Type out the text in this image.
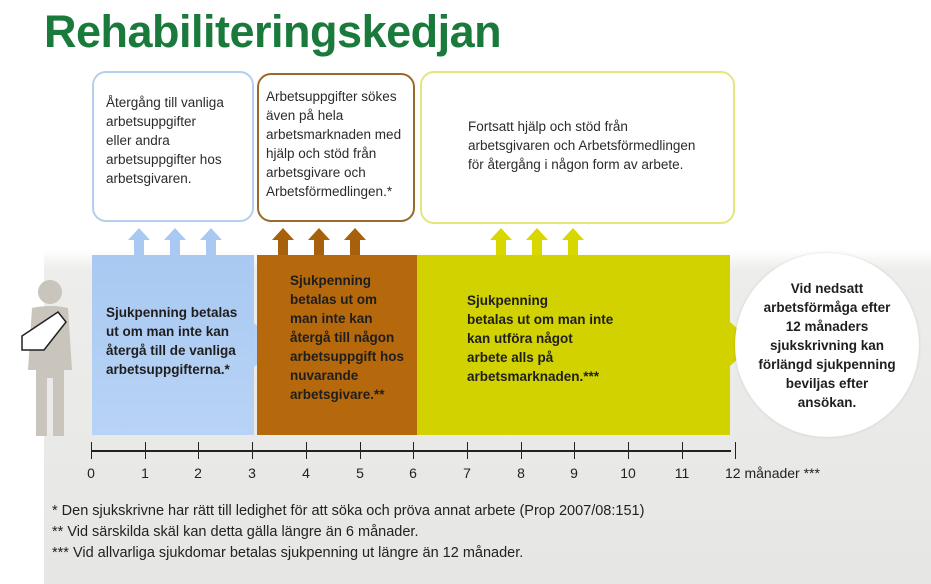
Rehabiliteringskedjan
Återgång till vanliga
arbetsuppgifter
eller andra
arbetsuppgifter hos
arbetsgivaren.
Arbetsuppgifter sökes
även på hela
arbetsmarknaden med
hjälp och stöd från
arbetsgivare och
Arbetsförmedlingen.*
Fortsatt hjälp och stöd från
arbetsgivaren och Arbetsförmedlingen
för återgång i någon form av arbete.
Sjukpenning betalas
ut om man inte kan
återgå till de vanliga
arbetsuppgifterna.*
Sjukpenning
betalas ut om
man inte kan
återgå till någon
arbetsuppgift hos
nuvarande
arbetsgivare.**
Sjukpenning
betalas ut om man inte
kan utföra något
arbete alls på
arbetsmarknaden.***
Vid nedsatt
arbetsförmåga efter
12 månaders
sjukskrivning kan
förlängd sjukpenning
beviljas efter
ansökan.
0	1	2	3	4	5	6	7	8	9	10	11	12 månader ***
* Den sjukskrivne har rätt till ledighet för att söka och pröva annat arbete (Prop 2007/08:151)
** Vid särskilda skäl kan detta gälla längre än 6 månader.
*** Vid allvarliga sjukdomar betalas sjukpenning ut längre än 12 månader.
